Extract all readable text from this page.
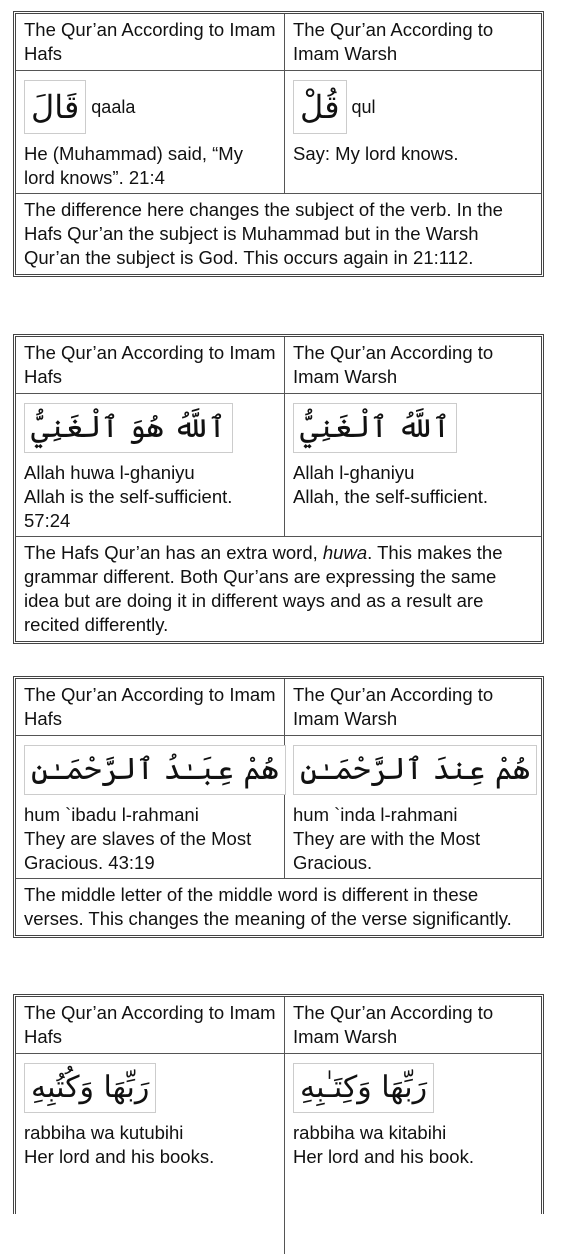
The Qur’an According to Imam Hafs
The Qur’an According to Imam Warsh
قَالَ qaala
He (Muhammad) said, “My lord knows”. 21:4
قُلْ qul
Say: My lord knows.
The difference here changes the subject of the verb. In the Hafs Qur’an the subject is Muhammad but in the Warsh Qur’an the subject is God. This occurs again in 21:112.
The Qur’an According to Imam Hafs
The Qur’an According to Imam Warsh
ٱللَّهُ هُوَ ٱلْغَنِيُّ
Allah huwa l-ghaniyu
Allah is the self-sufficient. 57:24
ٱللَّهُ ٱلْغَنِيُّ
Allah l-ghaniyu
Allah, the self-sufficient.
The Hafs Qur’an has an extra word, huwa. This makes the grammar different. Both Qur’ans are expressing the same idea but are doing it in different ways and as a result are recited differently.
The Qur’an According to Imam Hafs
The Qur’an According to Imam Warsh
هُمْ عِبَـٰدُ ٱلرَّحْمَـٰنِ
hum `ibadu l-rahmani
They are slaves of the Most Gracious. 43:19
هُمْ عِندَ ٱلرَّحْمَـٰنِ
hum `inda l-rahmani
They are with the Most Gracious.
The middle letter of the middle word is different in these verses. This changes the meaning of the verse significantly.
The Qur’an According to Imam Hafs
The Qur’an According to Imam Warsh
رَبِّهَا وَكُتُبِهِ
rabbiha wa kutubihi
Her lord and his books.
رَبِّهَا وَكِتَـٰبِهِ
rabbiha wa kitabihi
Her lord and his book.
